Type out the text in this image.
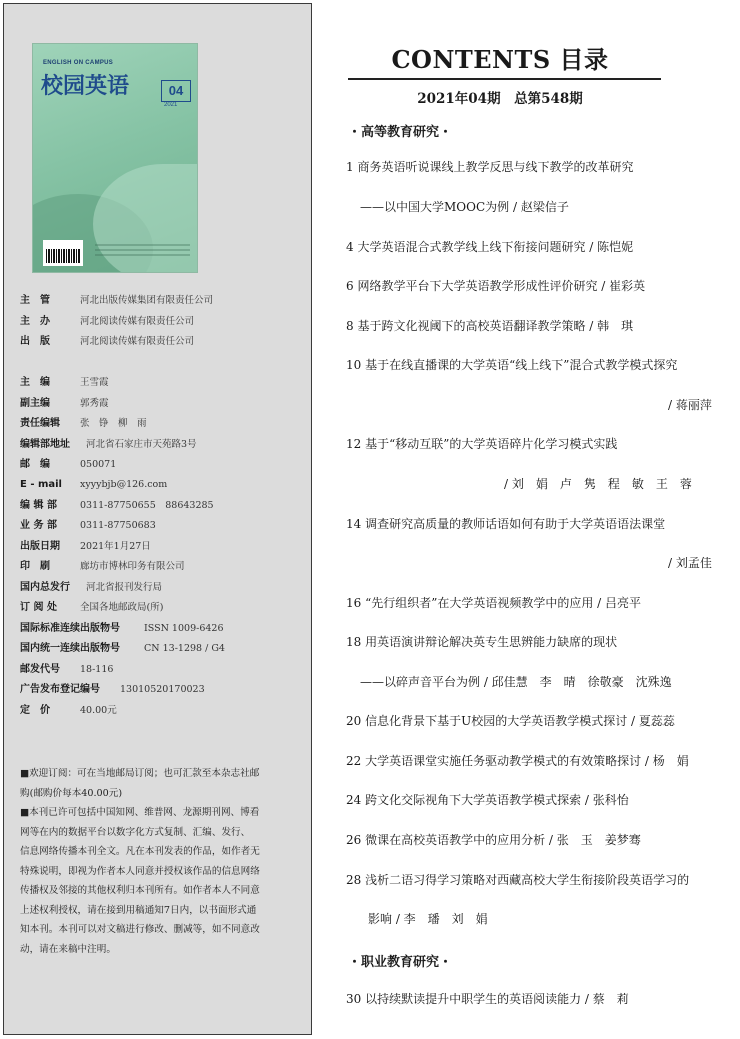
ENGLISH ON CAMPUS
校园英语	04
2021
主　管	河北出版传媒集团有限责任公司
主　办	河北阅读传媒有限责任公司
出　版	河北阅读传媒有限责任公司
主　编	王雪霞
副主编	郭秀霞
责任编辑 张　铮　柳　雨
编辑部地址 河北省石家庄市天苑路3号
邮　编	050071
E - mail xyyybjb@126.com
编 辑 部 0311-87750655　88643285
业 务 部 0311-87750683
出版日期 2021年1月27日
印　刷	廊坊市博林印务有限公司
国内总发行 河北省报刊发行局
订 阅 处 全国各地邮政局(所)
国际标准连续出版物号	ISSN 1009-6426
国内统一连续出版物号	CN 13-1298 / G4
邮发代号 18-116
广告发布登记编号 13010520170023
定　价	40.00元

■欢迎订阅：可在当地邮局订阅；也可汇款至本杂志社邮

购(邮购价每本40.00元)

■本刊已许可包括中国知网、维普网、龙源期刊网、博看

网等在内的数据平台以数字化方式复制、汇编、发行、

信息网络传播本刊全文。凡在本刊发表的作品，如作者无

特殊说明，即视为作者本人同意并授权该作品的信息网络

传播权及邻接的其他权利归本刊所有。如作者本人不同意

上述权利授权，请在接到用稿通知7日内，以书面形式通

知本刊。本刊可以对文稿进行修改、删减等，如不同意改

动，请在来稿中注明。

CONTENTS 目录
2021年04期　总第548期
・高等教育研究・
1 商务英语听说课线上教学反思与线下教学的改革研究
——以中国大学MOOC为例 / 赵梁信子
4 大学英语混合式教学线上线下衔接问题研究 / 陈恺妮
6 网络教学平台下大学英语教学形成性评价研究 / 崔彩英
8 基于跨文化视阈下的高校英语翻译教学策略 / 韩　琪
10 基于在线直播课的大学英语“线上线下”混合式教学模式探究
/ 蒋丽萍
12 基于“移动互联”的大学英语碎片化学习模式实践
/ 刘　娟　卢　隽　程　敏　王　蓉
14 调查研究高质量的教师话语如何有助于大学英语语法课堂
/ 刘孟佳
16 “先行组织者”在大学英语视频教学中的应用 / 吕亮平
18 用英语演讲辩论解决英专生思辨能力缺席的现状
——以碎声音平台为例 / 邱佳慧　李　晴　徐敬豪　沈殊逸
20 信息化背景下基于U校园的大学英语教学模式探讨 / 夏蕊蕊
22 大学英语课堂实施任务驱动教学模式的有效策略探讨 / 杨　娟
24 跨文化交际视角下大学英语教学模式探索 / 张科怡
26 微课在高校英语教学中的应用分析 / 张　玉　姜梦骞
28 浅析二语习得学习策略对西藏高校大学生衔接阶段英语学习的
影响 / 李　璠　刘　娟
・职业教育研究・
30 以持续默读提升中职学生的英语阅读能力 / 蔡　莉
